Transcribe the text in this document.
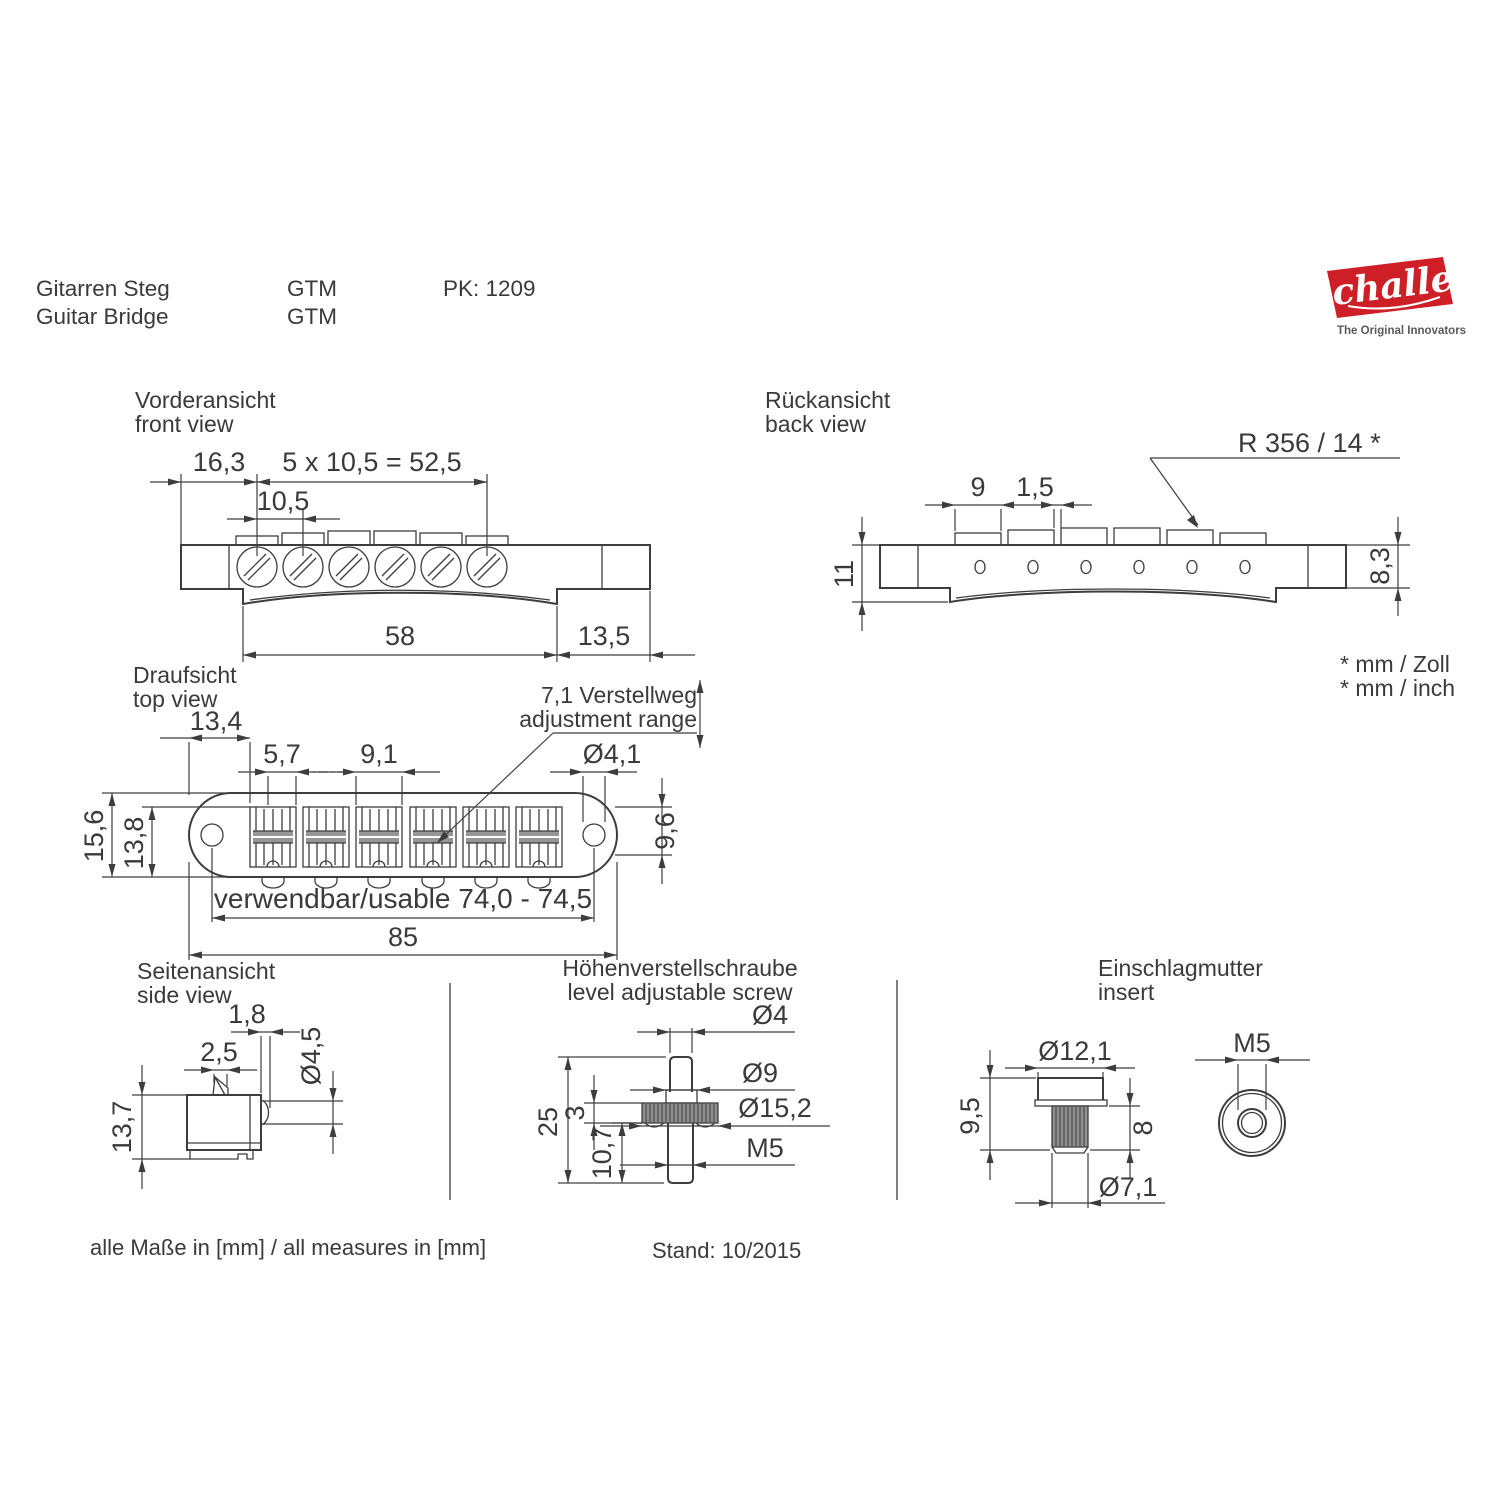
Gitarren Steg
Guitar Bridge
GTM
GTM
PK: 1209	Schaller
The Original Innovators
Vorderansicht
front view
16,3 5 x 10,5 = 52,5
10,5
58	13,5
Rückansicht
back view
R 356 / 14 *
9 1,5
11	8,3
* mm / Zoll
* mm / inch
Draufsicht
top view	7,1 Verstellweg
adjustment range
13,4
5,7 9,1	Ø4,1
15,6 13,8	9,6
verwendbar/usable 74,0 - 74,5
85
Seitenansicht
side view
1,8
2,5 Ø4,5
13,7
Höhenverstellschraube
level adjustable screw
Ø4
Ø9
Ø15,2
M5
25
3
10,7
Einschlagmutter
insert
Ø12,1
9,5	8
Ø7,1
M5
alle Maße in [mm] / all measures in [mm]	Stand: 10/2015
